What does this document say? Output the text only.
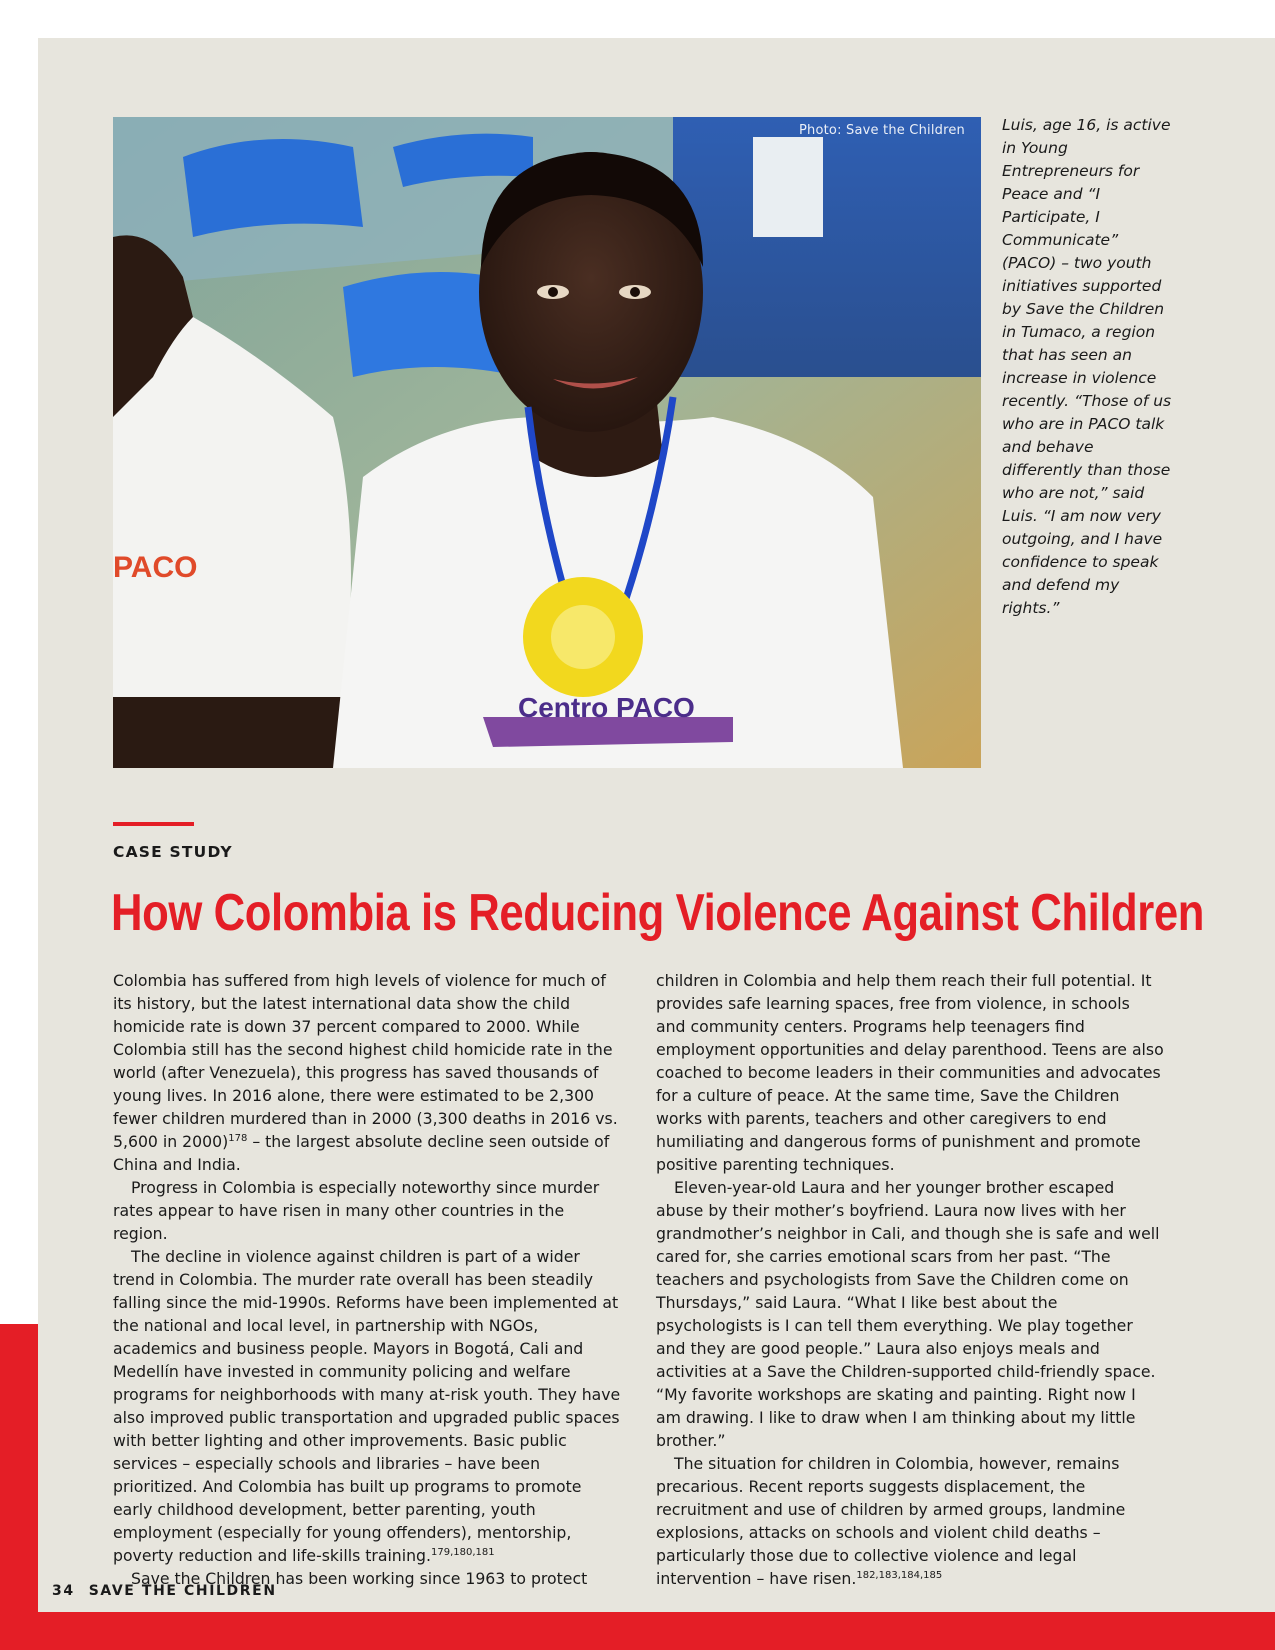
PACO
Centro PACO
Photo: Save the Children Luis, age 16, is active in Young Entrepreneurs for Peace and “I Participate, I Communicate” (PACO) – two youth initiatives supported by Save the Children in Tumaco, a region that has seen an increase in violence recently. “Those of us who are in PACO talk and behave differently than those who are not,” said Luis. “I am now very outgoing, and I have confidence to speak and defend my rights.”
CASE STUDY
How Colombia is Reducing Violence Against Children

Colombia has suffered from high levels of violence for much of its history, but the latest international data show the child homicide rate is down 37 percent compared to 2000. While Colombia still has the second highest child homicide rate in the world (after Venezuela), this progress has saved thousands of young lives. In 2016 alone, there were estimated to be 2,300 fewer children murdered than in 2000 (3,300 deaths in 2016 vs. 5,600 in 2000)$^{178}$ – the largest absolute decline seen outside of China and India.

Progress in Colombia is especially noteworthy since murder rates appear to have risen in many other countries in the region.

The decline in violence against children is part of a wider trend in Colombia. The murder rate overall has been steadily falling since the mid-1990s. Reforms have been implemented at the national and local level, in partnership with NGOs, academics and business people. Mayors in Bogotá, Cali and Medellín have invested in community policing and welfare programs for neighborhoods with many at-risk youth. They have also improved public transportation and upgraded public spaces with better lighting and other improvements. Basic public services – especially schools and libraries – have been prioritized. And Colombia has built up programs to promote early childhood development, better parenting, youth employment (especially for young offenders), mentorship, poverty reduction and life-skills training.$^{179,180,181}$

Save the Children has been working since 1963 to protect

children in Colombia and help them reach their full potential. It provides safe learning spaces, free from violence, in schools and community centers. Programs help teenagers find employment opportunities and delay parenthood. Teens are also coached to become leaders in their communities and advocates for a culture of peace. At the same time, Save the Children works with parents, teachers and other caregivers to end humiliating and dangerous forms of punishment and promote positive parenting techniques.

Eleven-year-old Laura and her younger brother escaped abuse by their mother’s boyfriend. Laura now lives with her grandmother’s neighbor in Cali, and though she is safe and well cared for, she carries emotional scars from her past. “The teachers and psychologists from Save the Children come on Thursdays,” said Laura. “What I like best about the psychologists is I can tell them everything. We play together and they are good people.” Laura also enjoys meals and activities at a Save the Children-supported child-friendly space. “My favorite workshops are skating and painting. Right now I am drawing. I like to draw when I am thinking about my little brother.”

The situation for children in Colombia, however, remains precarious. Recent reports suggests displacement, the recruitment and use of children by armed groups, landmine explosions, attacks on schools and violent child deaths – particularly those due to collective violence and legal intervention – have risen.$^{182,183,184,185}$

34 SAVE THE CHILDREN
